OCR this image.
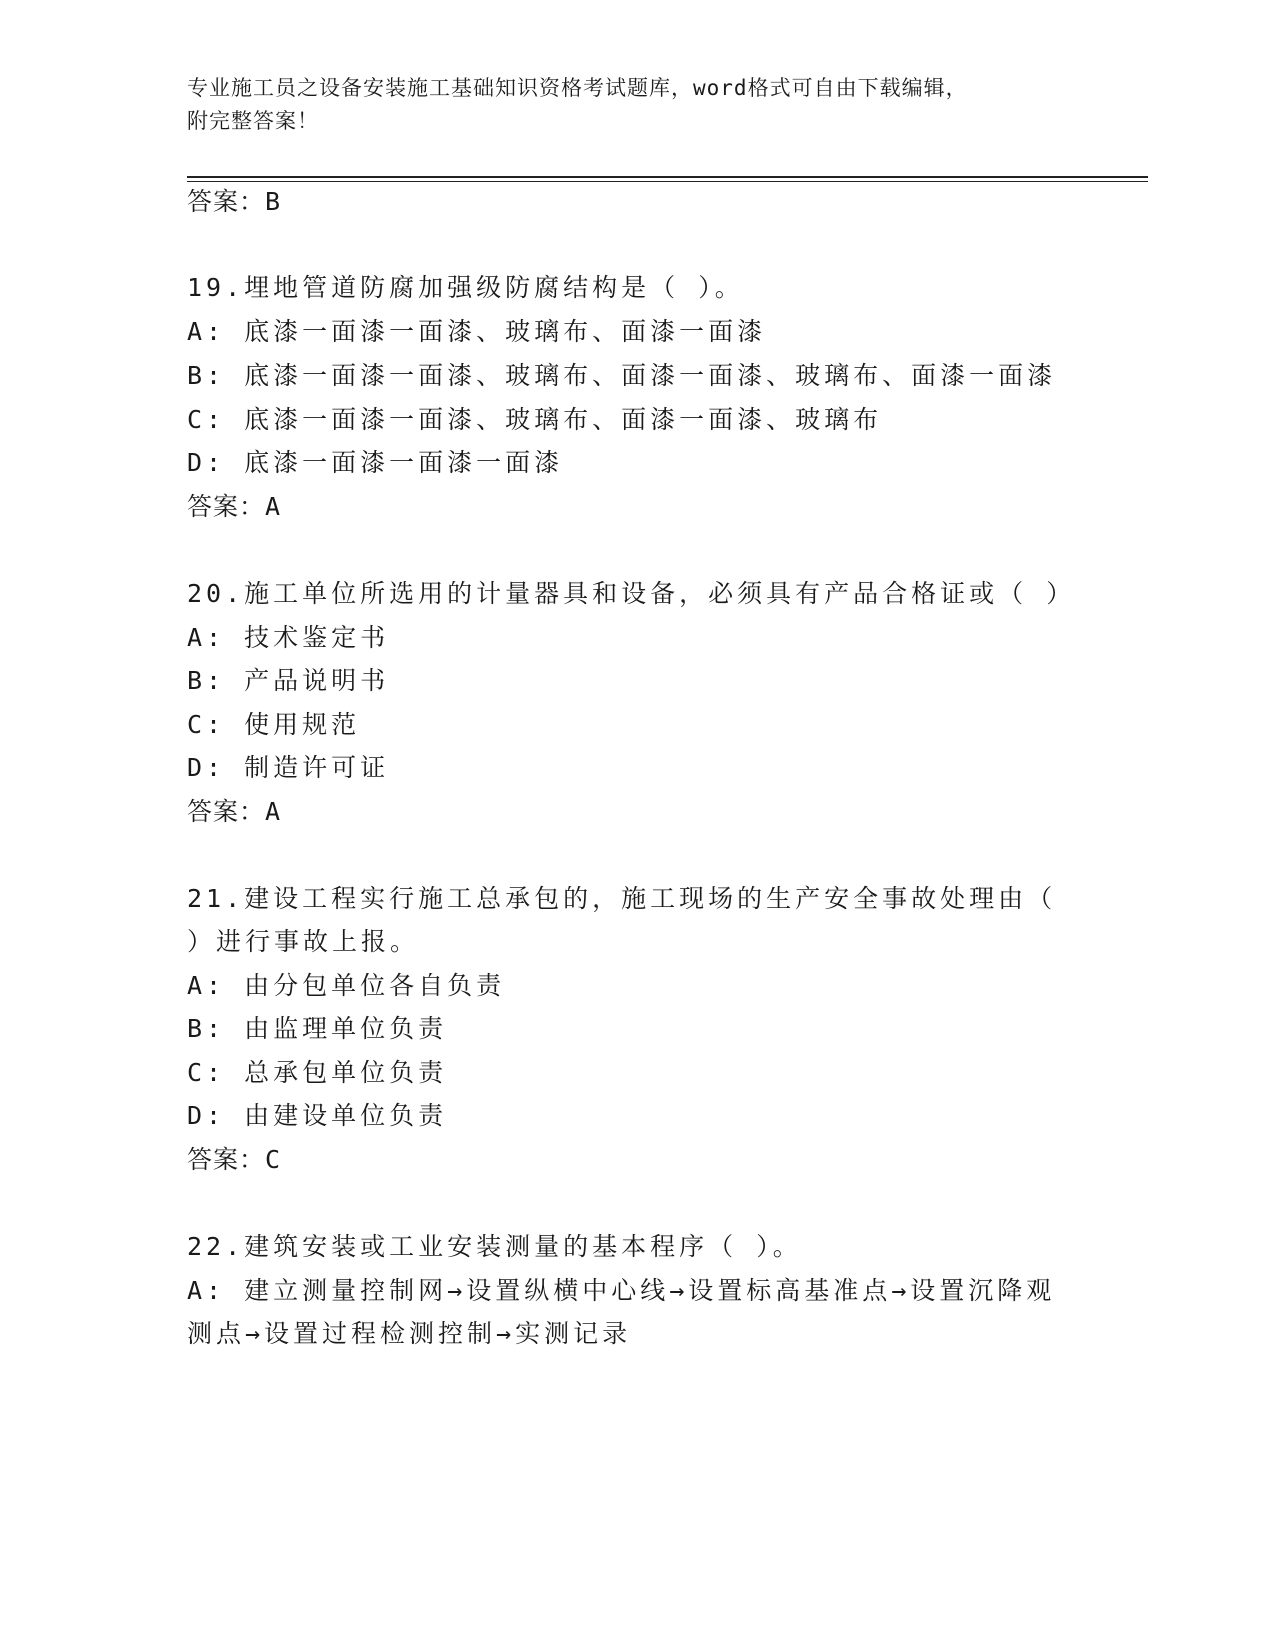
专业施工员之设备安装施工基础知识资格考试题库，word格式可自由下载编辑，
附完整答案！
答案：B
19.埋地管道防腐加强级防腐结构是（ ）。
A: 底漆一面漆一面漆、玻璃布、面漆一面漆
B: 底漆一面漆一面漆、玻璃布、面漆一面漆、玻璃布、面漆一面漆
C: 底漆一面漆一面漆、玻璃布、面漆一面漆、玻璃布
D: 底漆一面漆一面漆一面漆
答案：A
20.施工单位所选用的计量器具和设备，必须具有产品合格证或（ ）
A: 技术鉴定书
B: 产品说明书
C: 使用规范
D: 制造许可证
答案：A
21.建设工程实行施工总承包的，施工现场的生产安全事故处理由（
）进行事故上报。
A: 由分包单位各自负责
B: 由监理单位负责
C: 总承包单位负责
D: 由建设单位负责
答案：C
22.建筑安装或工业安装测量的基本程序（ ）。
A: 建立测量控制网→设置纵横中心线→设置标高基准点→设置沉降观
测点→设置过程检测控制→实测记录
